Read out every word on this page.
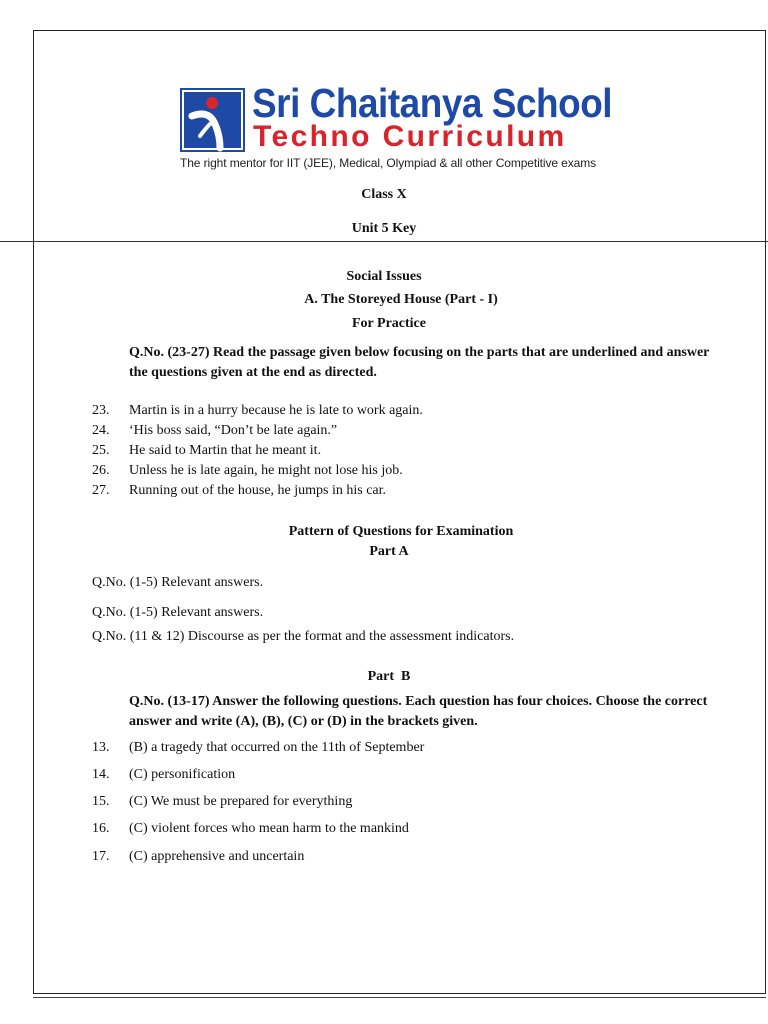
Sri Chaitanya School
Techno Curriculum
The right mentor for IIT (JEE), Medical, Olympiad & all other Competitive exams
Class X
Unit 5 Key
Social Issues
A. The Storeyed House (Part - I)
For Practice
Q.No. (23-27) Read the passage given below focusing on the parts that are underlined and answer the questions given at the end as directed.
23.	Martin is in a hurry because he is late to work again.
24.	‘His boss said, “Don’t be late again.”
25.	He said to Martin that he meant it.
26.	Unless he is late again, he might not lose his job.
27.	Running out of the house, he jumps in his car.
Pattern of Questions for Examination
Part A
Q.No. (1-5) Relevant answers.
Q.No. (1-5) Relevant answers.
Q.No. (11 & 12) Discourse as per the format and the assessment indicators.
Part  B
Q.No. (13-17) Answer the following questions. Each question has four choices. Choose the correct answer and write (A), (B), (C) or (D) in the brackets given.
13.	(B) a tragedy that occurred on the 11th of September
14.	(C) personification
15.	(C) We must be prepared for everything
16.	(C) violent forces who mean harm to the mankind
17.	(C) apprehensive and uncertain
